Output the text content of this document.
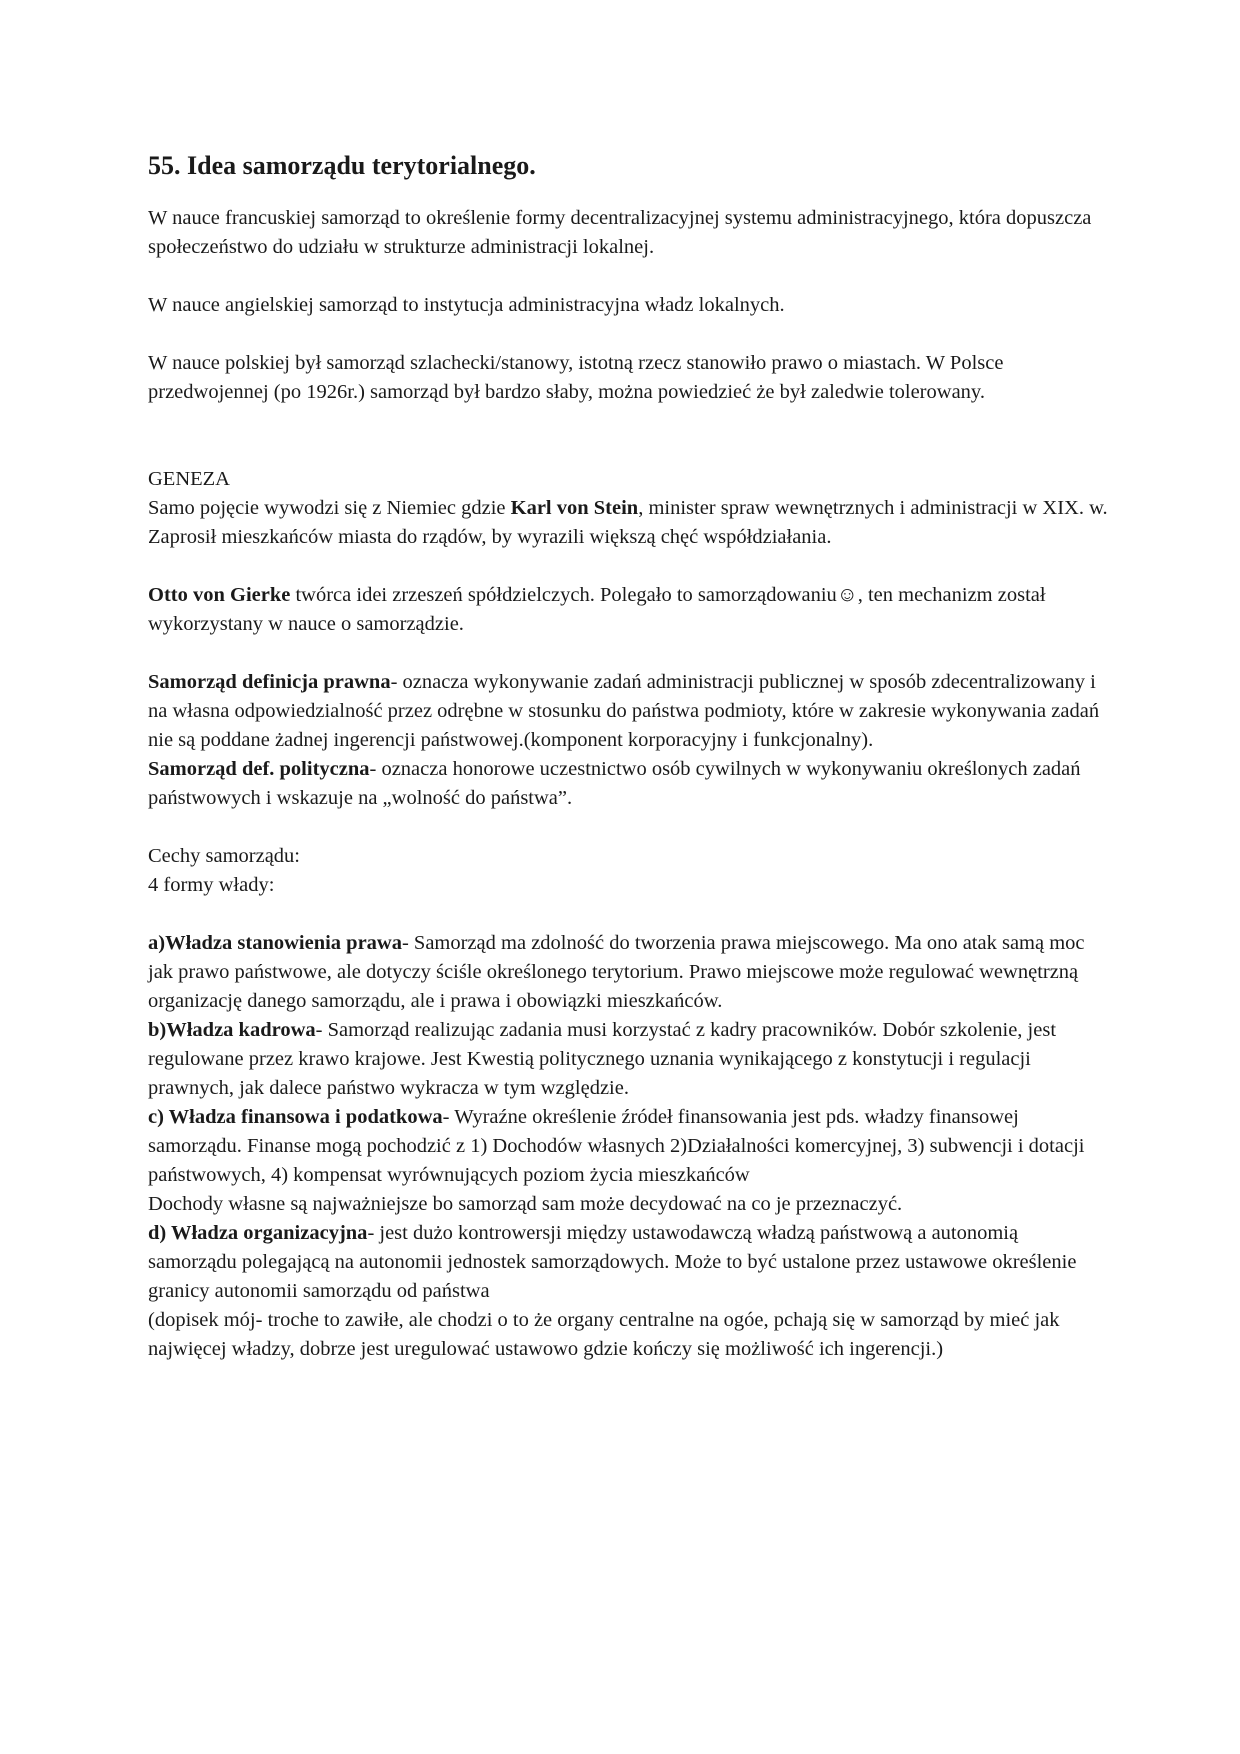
55. Idea samorządu terytorialnego.

W nauce francuskiej samorząd to określenie formy decentralizacyjnej systemu administracyjnego, która dopuszcza społeczeństwo do udziału w strukturze administracji lokalnej.

W nauce angielskiej samorząd to instytucja administracyjna władz lokalnych.

W nauce polskiej był samorząd szlachecki/stanowy, istotną rzecz stanowiło prawo o miastach. W Polsce przedwojennej (po 1926r.) samorząd był bardzo słaby, można powiedzieć że był zaledwie tolerowany.

GENEZA

Samo pojęcie wywodzi się z Niemiec gdzie Karl von Stein, minister spraw wewnętrznych i administracji w XIX. w. Zaprosił mieszkańców miasta do rządów, by wyrazili większą chęć współdziałania.

Otto von Gierke twórca idei zrzeszeń spółdzielczych. Polegało to samorządowaniu☺, ten mechanizm został wykorzystany w nauce o samorządzie.

Samorząd definicja prawna- oznacza wykonywanie zadań administracji publicznej w sposób zdecentralizowany i na własna odpowiedzialność przez odrębne w stosunku do państwa podmioty, które w zakresie wykonywania zadań nie są poddane żadnej ingerencji państwowej.(komponent korporacyjny i funkcjonalny).

Samorząd def. polityczna- oznacza honorowe uczestnictwo osób cywilnych w wykonywaniu określonych zadań państwowych i wskazuje na „wolność do państwa”.

Cechy samorządu:

4 formy włady:

a)Władza stanowienia prawa- Samorząd ma zdolność do tworzenia prawa miejscowego. Ma ono atak samą moc jak prawo państwowe, ale dotyczy ściśle określonego terytorium. Prawo miejscowe może regulować wewnętrzną organizację danego samorządu, ale i prawa i obowiązki mieszkańców.

b)Władza kadrowa- Samorząd realizując zadania musi korzystać z kadry pracowników. Dobór szkolenie, jest regulowane przez krawo krajowe. Jest Kwestią politycznego uznania wynikającego z konstytucji i regulacji prawnych, jak dalece państwo wykracza w tym względzie.

c) Władza finansowa i podatkowa- Wyraźne określenie źródeł finansowania jest pds. władzy finansowej samorządu. Finanse mogą pochodzić z 1) Dochodów własnych 2)Działalności komercyjnej, 3) subwencji i dotacji państwowych, 4) kompensat wyrównujących poziom życia mieszkańców

Dochody własne są najważniejsze bo samorząd sam może decydować na co je przeznaczyć.

d) Władza organizacyjna- jest dużo kontrowersji między ustawodawczą władzą państwową a autonomią samorządu polegającą na autonomii jednostek samorządowych. Może to być ustalone przez ustawowe określenie granicy autonomii samorządu od państwa

(dopisek mój- troche to zawiłe, ale chodzi o to że organy centralne na ogóe, pchają się w samorząd by mieć jak najwięcej władzy, dobrze jest uregulować ustawowo gdzie kończy się możliwość ich ingerencji.)
